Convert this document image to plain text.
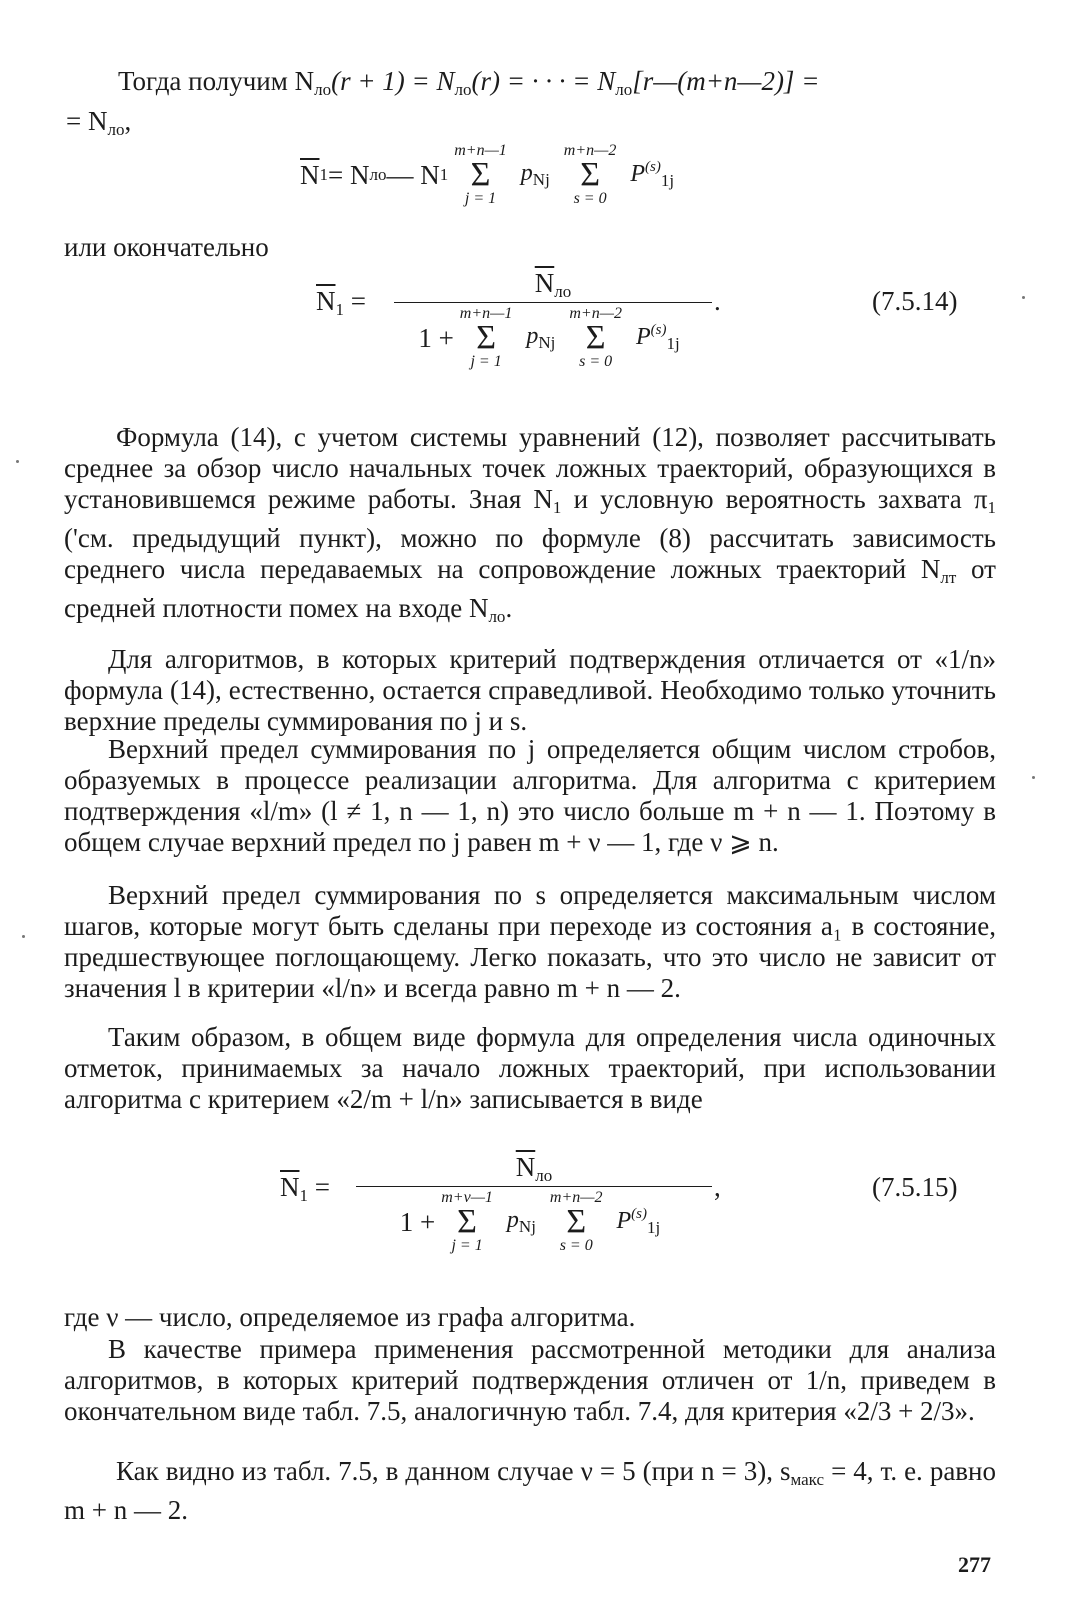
Тогда получим $N_{ло}(r + 1) = N_{ло}(r)$ = · · · = $N_{ло}[r—(m+n—2)]$ =
= $N_{ло}$,
$\overline{N}$ 1 = N ло — N 1
m+n—1
Σ
j = 1
$p_{Nj}$
m+n—2
Σ
s = 0
$P^{(s)}_{1j}$
или окончательно
$\overline{N}_1$ =
$\overline{N}_{ло}$
1 +
m+n—1
Σ
j = 1
$p_{Nj}$
m+n—2
Σ
s = 0
$P^{(s)}_{1j}$
.	(7.5.14)
Формула (14), с учетом системы уравнений (12), позволяет рассчитывать среднее за обзор число начальных точек ложных траекторий, образующихся в установившемся режиме работы. Зная $N_1$ и условную вероятность захвата $\pi_1$ ('см. предыдущий пункт), можно по формуле (8) рассчитать зависимость среднего числа передаваемых на сопровождение ложных траекторий $N_{лт}$ от средней плотности помех на входе $N_{ло}$.
Для алгоритмов, в которых критерий подтверждения отличается от «1/n» формула (14), естественно, остается справедливой. Необходимо только уточнить верхние пределы суммирования по j и s.
Верхний предел суммирования по j определяется общим числом стробов, образуемых в процессе реализации алгоритма. Для алгоритма с критерием подтверждения «l/m» (l ≠ 1, n — 1, n) это число больше m + n — 1. Поэтому в общем случае верхний предел по j равен m + ν — 1, где ν ⩾ n.
Верхний предел суммирования по s определяется максимальным числом шагов, которые могут быть сделаны при переходе из состояния a₁ в состояние, предшествующее поглощающему. Легко показать, что это число не зависит от значения l в критерии «l/n» и всегда равно m + n — 2.
Таким образом, в общем виде формула для определения числа одиночных отметок, принимаемых за начало ложных траекторий, при использовании алгоритма с критерием «2/m + l/n» записывается в виде
$\overline{N}_1$ =
$\overline{N}_{ло}$
1 +
m+ν—1
Σ
j = 1
$p_{Nj}$
m+n—2
Σ
s = 0
$P^{(s)}_{1j}$
,	(7.5.15)
где ν — число, определяемое из графа алгоритма.
В качестве примера применения рассмотренной методики для анализа алгоритмов, в которых критерий подтверждения отличен от 1/n, приведем в окончательном виде табл. 7.5, аналогичную табл. 7.4, для критерия «2/3 + 2/3».
Как видно из табл. 7.5, в данном случае ν = 5 (при n = 3), $s_{макс} = 4$, т. е. равно m + n — 2.
277
